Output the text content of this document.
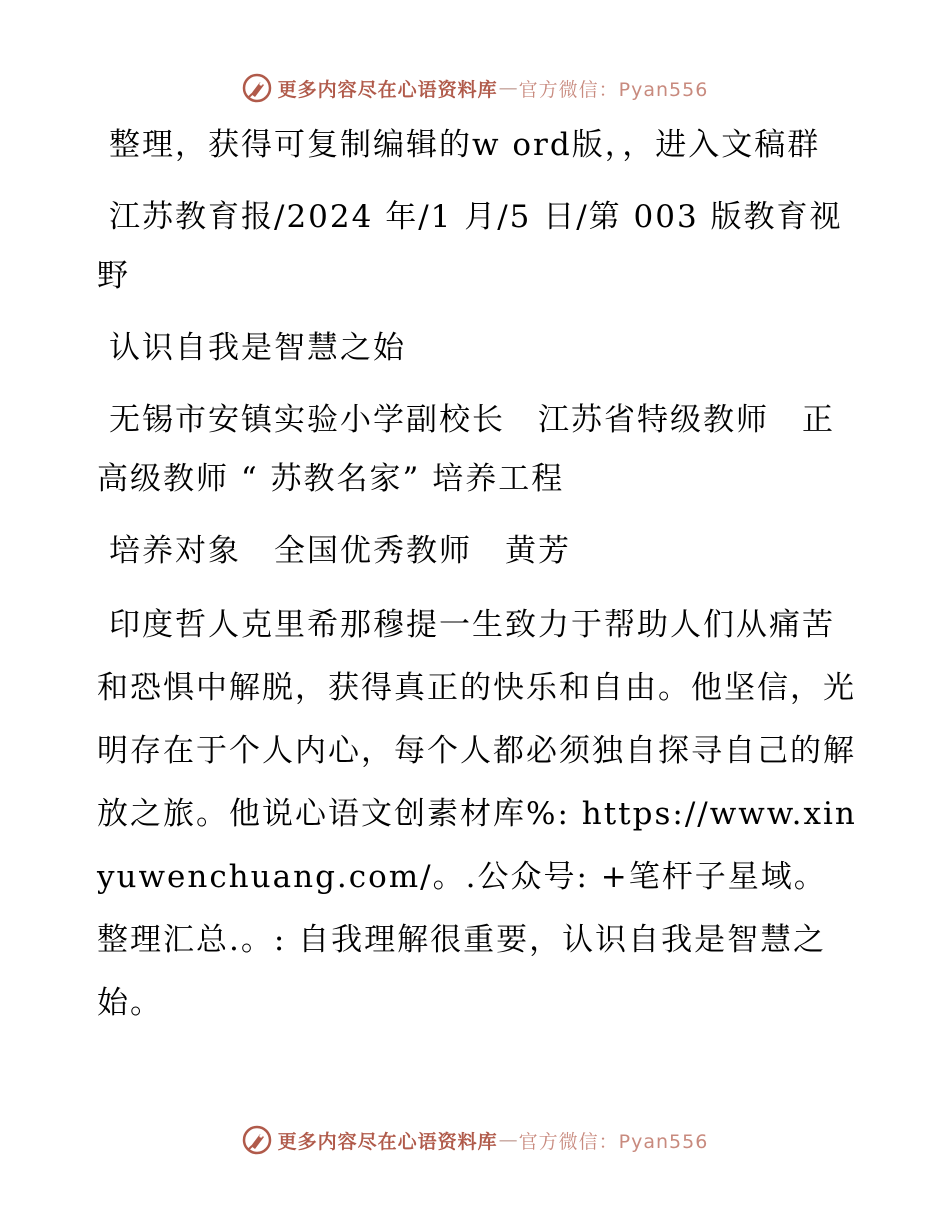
更多内容尽在心语资料库 — 官方微信：Pyan556

整理，获得可复制编辑的w ord版，，进入文稿群

江苏教育报/2024 年/1 月/5 日/第 003 版教育视野

认识自我是智慧之始

无锡市安镇实验小学副校长　江苏省特级教师　正高级教师 “ 苏教名家” 培养工程

培养对象　全国优秀教师　黄芳

印度哲人克里希那穆提一生致力于帮助人们从痛苦和恐惧中解脱，获得真正的快乐和自由。他坚信，光明存在于个人内心，每个人都必须独自探寻自己的解放之旅。他说心语文创素材库%: https://www.xinyuwenchuang.com/。.公众号: +笔杆子星域。整理汇总.。: 自我理解很重要，认识自我是智慧之始。

更多内容尽在心语资料库 — 官方微信：Pyan556
